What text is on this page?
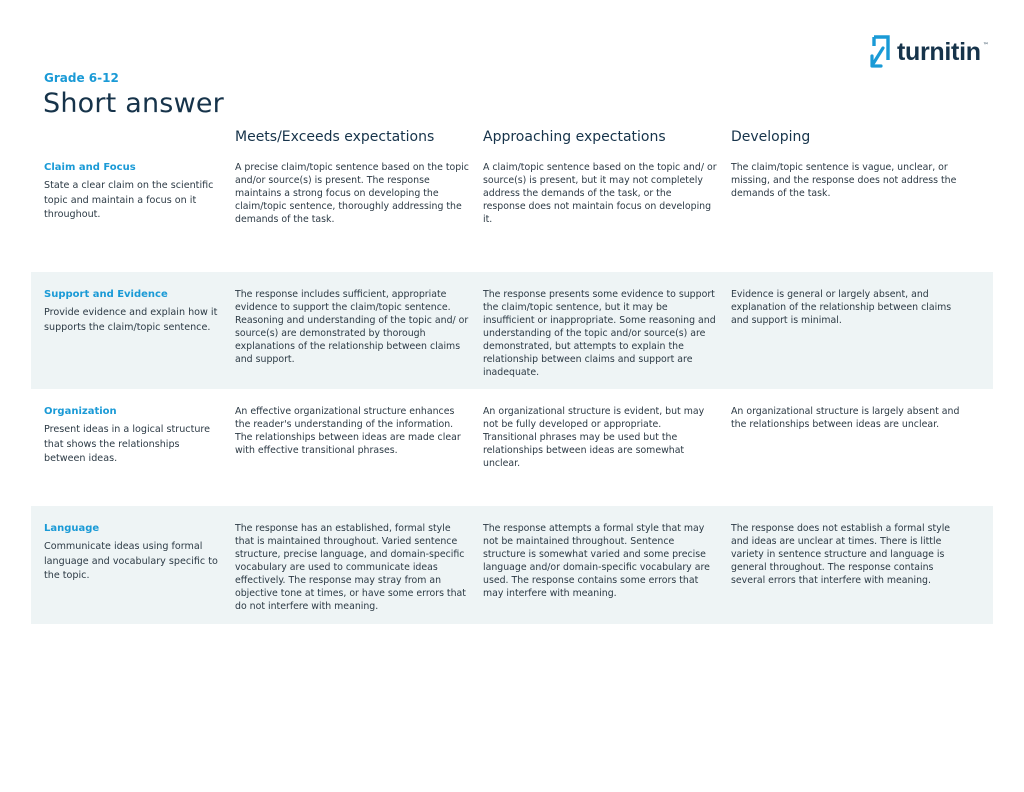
turnitin ™
Grade 6-12
Short answer
Meets/Exceeds expectations	Approaching expectations	Developing
Claim and Focus
State a clear claim on the scientific topic and maintain a focus on it throughout.
A precise claim/topic sentence based on the topic and/or source(s) is present. The response maintains a strong focus on developing the claim/topic sentence, thoroughly addressing the demands of the task.
A claim/topic sentence based on the topic and/ or source(s) is present, but it may not completely address the demands of the task, or the response does not maintain focus on developing it.
The claim/topic sentence is vague, unclear, or missing, and the response does not address the demands of the task.
Support and Evidence
Provide evidence and explain how it supports the claim/topic sentence.
The response includes sufficient, appropriate evidence to support the claim/topic sentence. Reasoning and understanding of the topic and/ or source(s) are demonstrated by thorough explanations of the relationship between claims and support.
The response presents some evidence to support the claim/topic sentence, but it may be insufficient or inappropriate. Some reasoning and understanding of the topic and/or source(s) are demonstrated, but attempts to explain the relationship between claims and support are inadequate.
Evidence is general or largely absent, and explanation of the relationship between claims and support is minimal.
Organization
Present ideas in a logical structure that shows the relationships between ideas.
An effective organizational structure enhances the reader's understanding of the information. The relationships between ideas are made clear with effective transitional phrases.
An organizational structure is evident, but may not be fully developed or appropriate. Transitional phrases may be used but the relationships between ideas are somewhat unclear.
An organizational structure is largely absent and the relationships between ideas are unclear.
Language
Communicate ideas using formal language and vocabulary specific to the topic.
The response has an established, formal style that is maintained throughout. Varied sentence structure, precise language, and domain-specific vocabulary are used to communicate ideas effectively. The response may stray from an objective tone at times, or have some errors that do not interfere with meaning.
The response attempts a formal style that may not be maintained throughout. Sentence structure is somewhat varied and some precise language and/or domain-specific vocabulary are used. The response contains some errors that may interfere with meaning.
The response does not establish a formal style and ideas are unclear at times. There is little variety in sentence structure and language is general throughout. The response contains several errors that interfere with meaning.
